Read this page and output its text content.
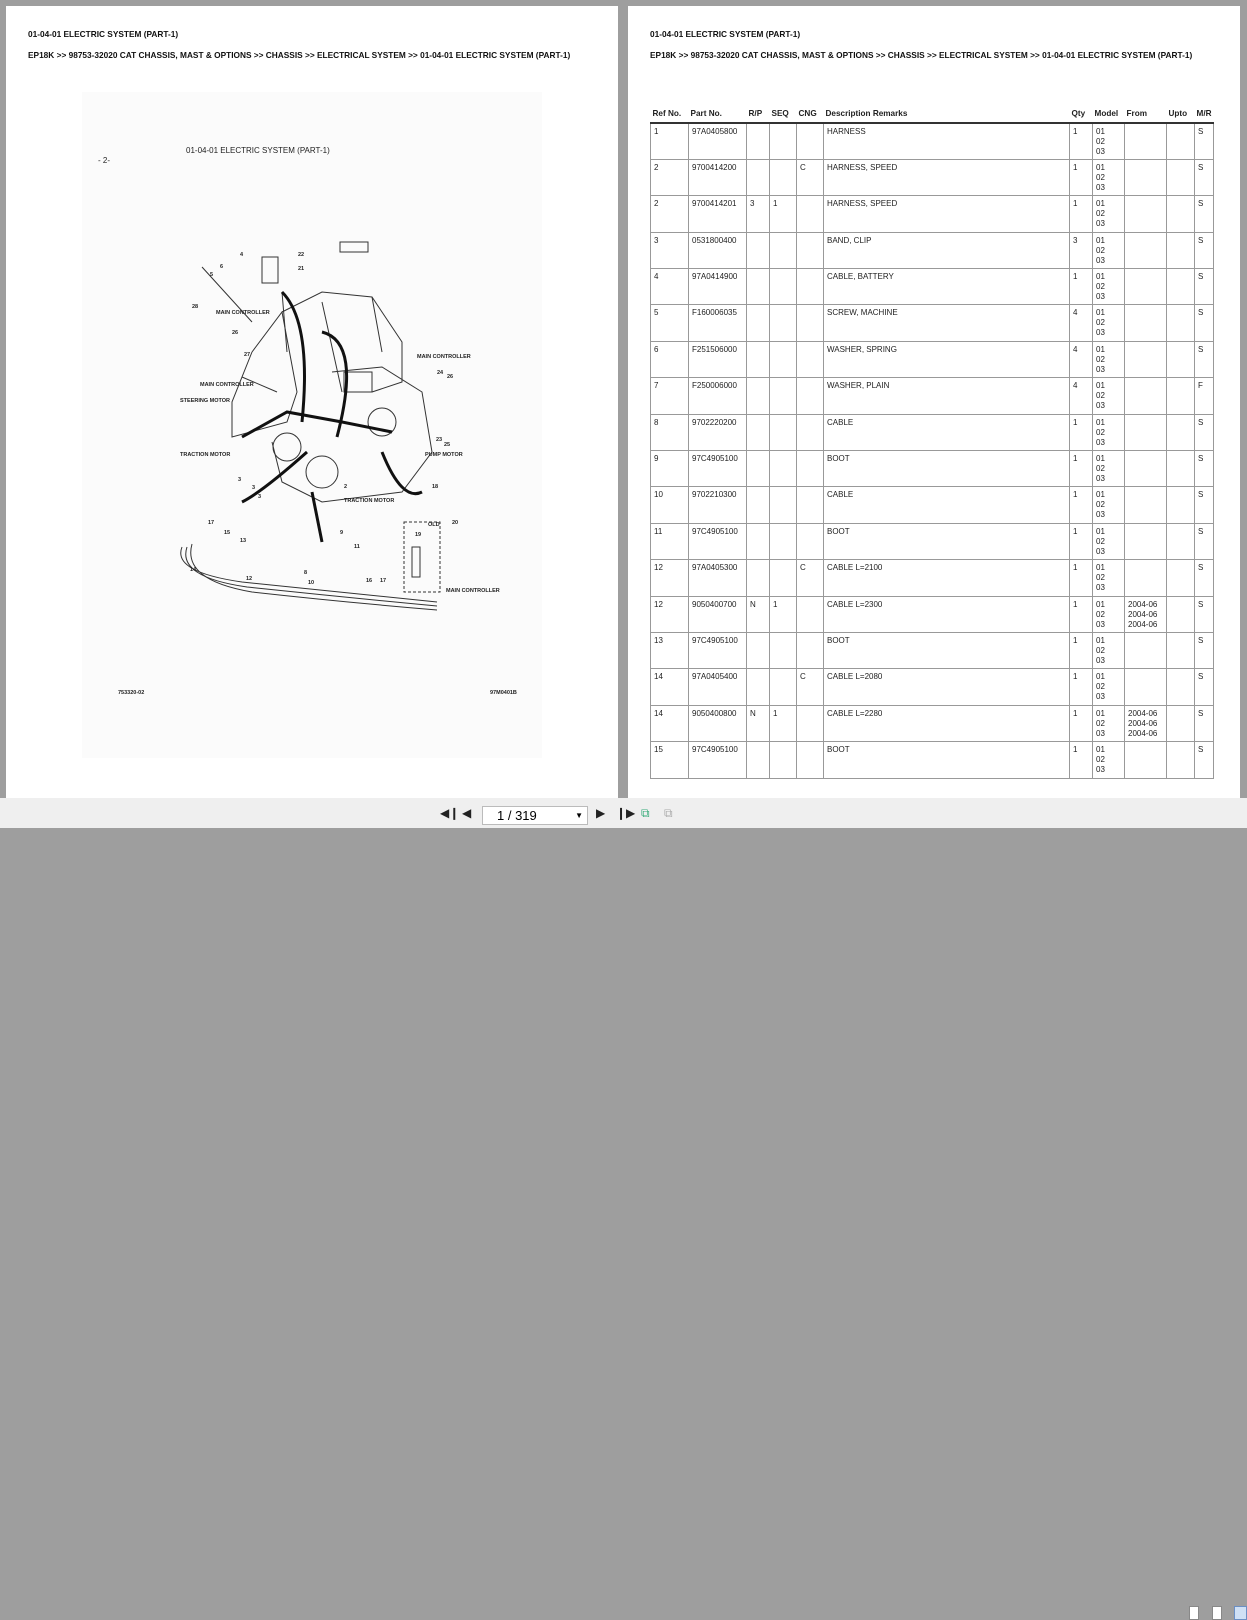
01-04-01 ELECTRIC SYSTEM (PART-1)
EP18K >> 98753-32020 CAT CHASSIS, MAST & OPTIONS >> CHASSIS >> ELECTRICAL SYSTEM >> 01-04-01 ELECTRIC SYSTEM (PART-1)
01-04-01 ELECTRIC SYSTEM (PART-1)
- 2-
MAIN CONTROLLER
MAIN CONTROLLER
MAIN CONTROLLER
STEERING MOTOR
TRACTION MOTOR
TRACTION MOTOR
PUMP MOTOR
MAIN CONTROLLER
OLD
4
6
5
22
21
28
26
27
24
26
23
25
3
3
3
2	18
17
15
13
14
12
9
11
8
10	16 17
20
19
753320-02	97M0401B
01-04-01 ELECTRIC SYSTEM (PART-1)
EP18K >> 98753-32020 CAT CHASSIS, MAST & OPTIONS >> CHASSIS >> ELECTRICAL SYSTEM >> 01-04-01 ELECTRIC SYSTEM (PART-1)
Ref No.	Part No.	R/P	SEQ	CNG	Description Remarks	Qty	Model	From	Upto	M/R
1	97A0405800				HARNESS	1	01
02
03			S
2	9700414200			C	HARNESS, SPEED	1	01
02
03			S
2	9700414201	3	1		HARNESS, SPEED	1	01
02
03			S
3	0531800400				BAND, CLIP	3	01
02
03			S
4	97A0414900				CABLE, BATTERY	1	01
02
03			S
5	F160006035				SCREW, MACHINE	4	01
02
03			S
6	F251506000				WASHER, SPRING	4	01
02
03			S
7	F250006000				WASHER, PLAIN	4	01
02
03			F
8	9702220200				CABLE	1	01
02
03			S
9	97C4905100				BOOT	1	01
02
03			S
10	9702210300				CABLE	1	01
02
03			S
11	97C4905100				BOOT	1	01
02
03			S
12	97A0405300			C	CABLE L=2100	1	01
02
03			S
12	9050400700	N	1		CABLE L=2300	1	01
02
03	2004-06
2004-06
2004-06		S
13	97C4905100				BOOT	1	01
02
03			S
14	97A0405400			C	CABLE L=2080	1	01
02
03			S
14	9050400800	N	1		CABLE L=2280	1	01
02
03	2004-06
2004-06
2004-06		S
15	97C4905100				BOOT	1	01
02
03			S
◀❙ ◀	▶ ❙▶ ⧉ ⧉
1 / 319	▼
